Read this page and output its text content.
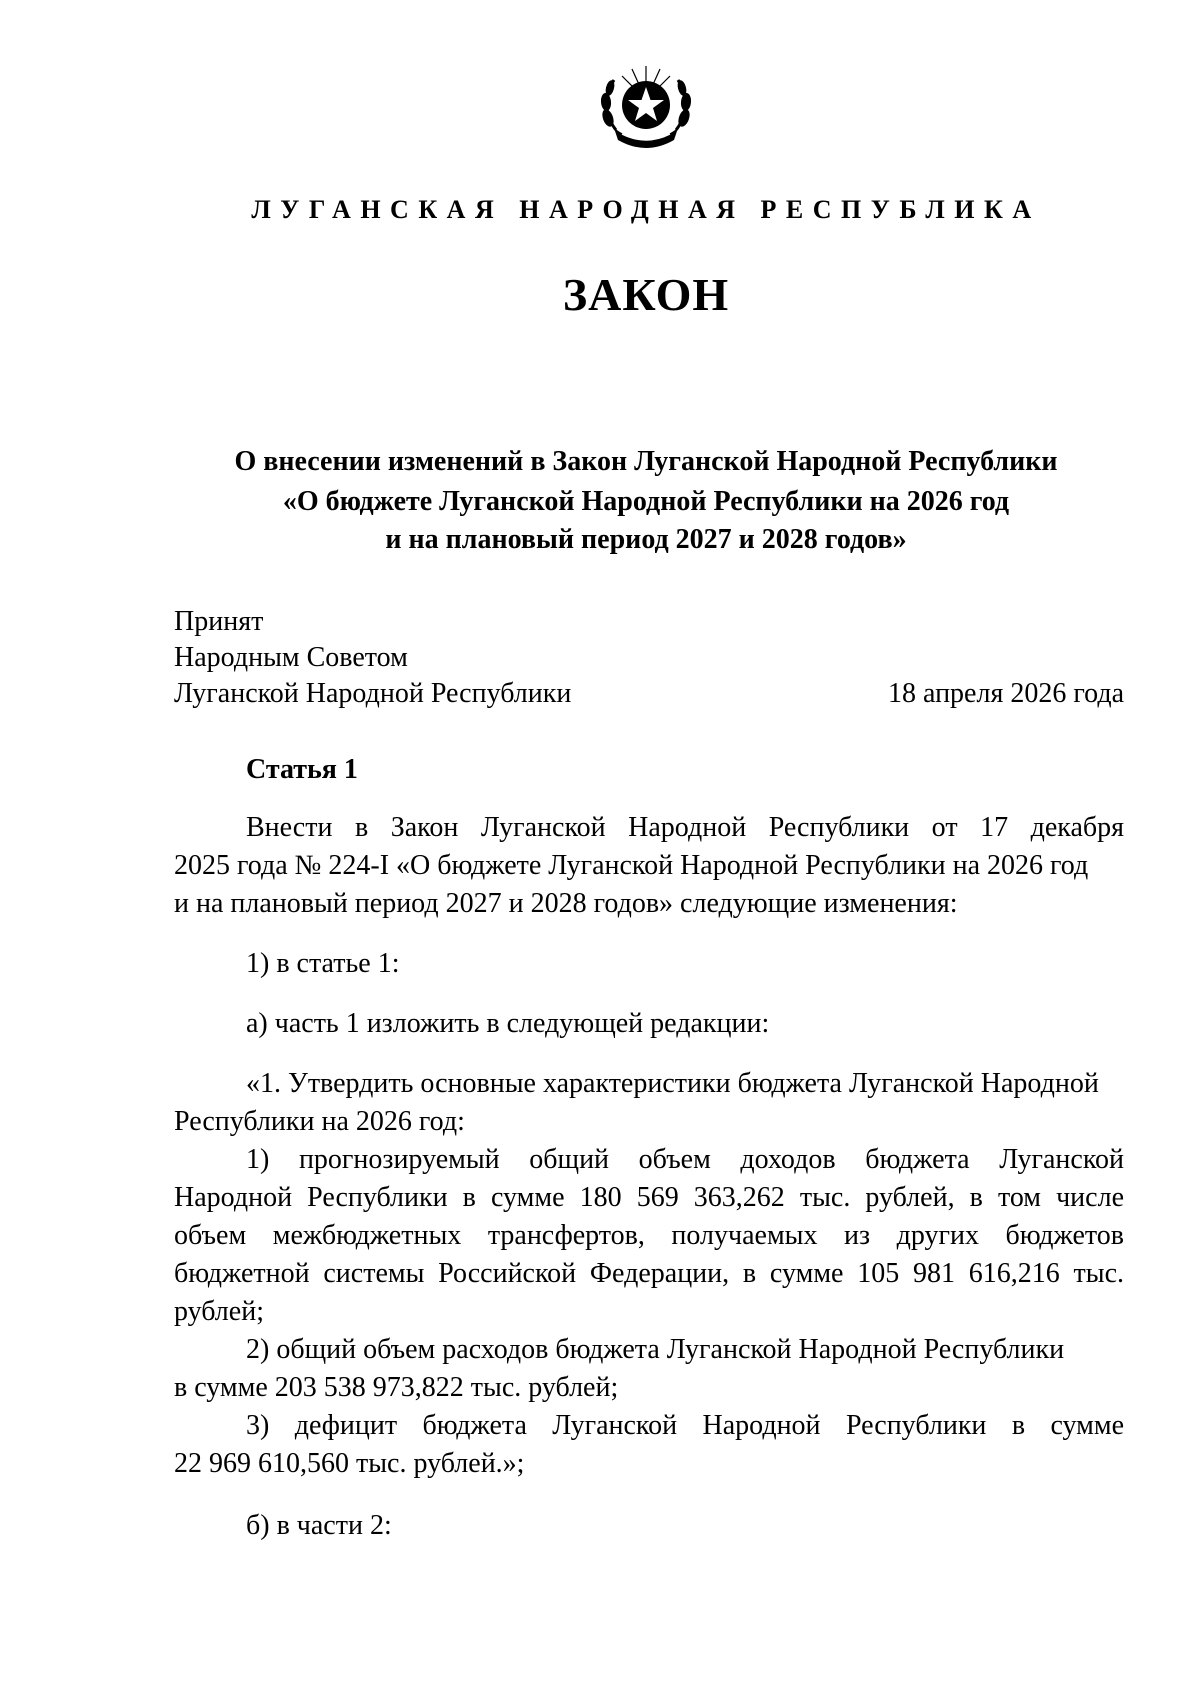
ЛУГАНСКАЯ НАРОДНАЯ РЕСПУБЛИКА
ЗАКОН
О внесении изменений в Закон Луганской Народной Республики
«О бюджете Луганской Народной Республики на 2026 год
и на плановый период 2027 и 2028 годов»
Принят
Народным Советом
Луганской Народной Республики	18 апреля 2026 года
Статья 1
Внести в Закон Луганской Народной Республики от 17 декабря
2025 года № 224-I «О бюджете Луганской Народной Республики на 2026 год
и на плановый период 2027 и 2028 годов» следующие изменения:
1) в статье 1:
а) часть 1 изложить в следующей редакции:
«1. Утвердить основные характеристики бюджета Луганской Народной
Республики на 2026 год:
1) прогнозируемый общий объем доходов бюджета Луганской
Народной Республики в сумме 180 569 363,262 тыс. рублей, в том числе
объем межбюджетных трансфертов, получаемых из других бюджетов
бюджетной системы Российской Федерации, в сумме 105 981 616,216 тыс.
рублей;
2) общий объем расходов бюджета Луганской Народной Республики
в сумме 203 538 973,822 тыс. рублей;
3) дефицит бюджета Луганской Народной Республики в сумме
22 969 610,560 тыс. рублей.»;
б) в части 2:
